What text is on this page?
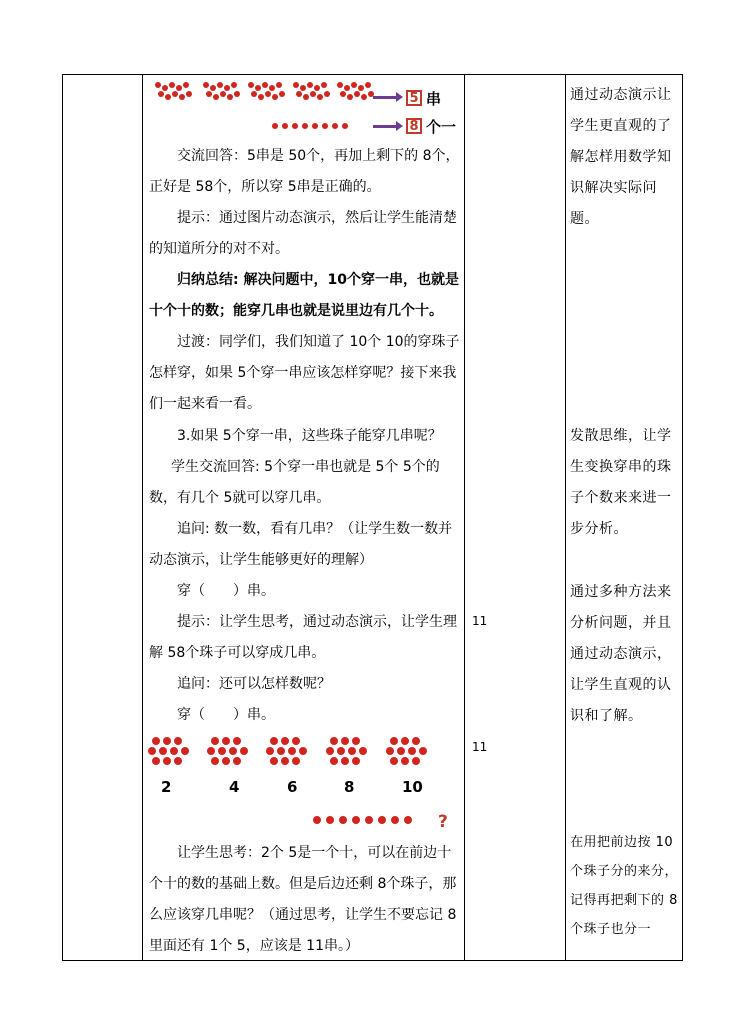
5 串
8 个一
交流回答：5串是 50个，再加上剩下的 8个，正好是 58个，所以穿 5串是正确的。
提示：通过图片动态演示，然后让学生能清楚的知道所分的对不对。
归纳总结: 解决问题中，10个穿一串，也就是十个十的数；能穿几串也就是说里边有几个十。
过渡：同学们，我们知道了 10个 10的穿珠子怎样穿，如果 5个穿一串应该怎样穿呢？接下来我们一起来看一看。
3.如果 5个穿一串，这些珠子能穿几串呢？
学生交流回答: 5个穿一串也就是 5个 5个的数，有几个 5就可以穿几串。
追问: 数一数，看有几串？（让学生数一数并动态演示，让学生能够更好的理解）
穿（　　）串。
提示：让学生思考，通过动态演示，让学生理解 58个珠子可以穿成几串。
追问：还可以怎样数呢？
穿（　　）串。
2	4	6	8	10
?
让学生思考：2个 5是一个十，可以在前边十个十的数的基础上数。但是后边还剩 8个珠子，那么应该穿几串呢？（通过思考，让学生不要忘记 8里面还有 1个 5，应该是 11串。）
11
11
通过动态演示让学生更直观的了解怎样用数学知识解决实际问题。
发散思维，让学生变换穿串的珠子个数来来进一步分析。
通过多种方法来分析问题，并且通过动态演示，让学生直观的认识和了解。
在用把前边按 10个珠子分的来分，记得再把剩下的 8个珠子也分一
